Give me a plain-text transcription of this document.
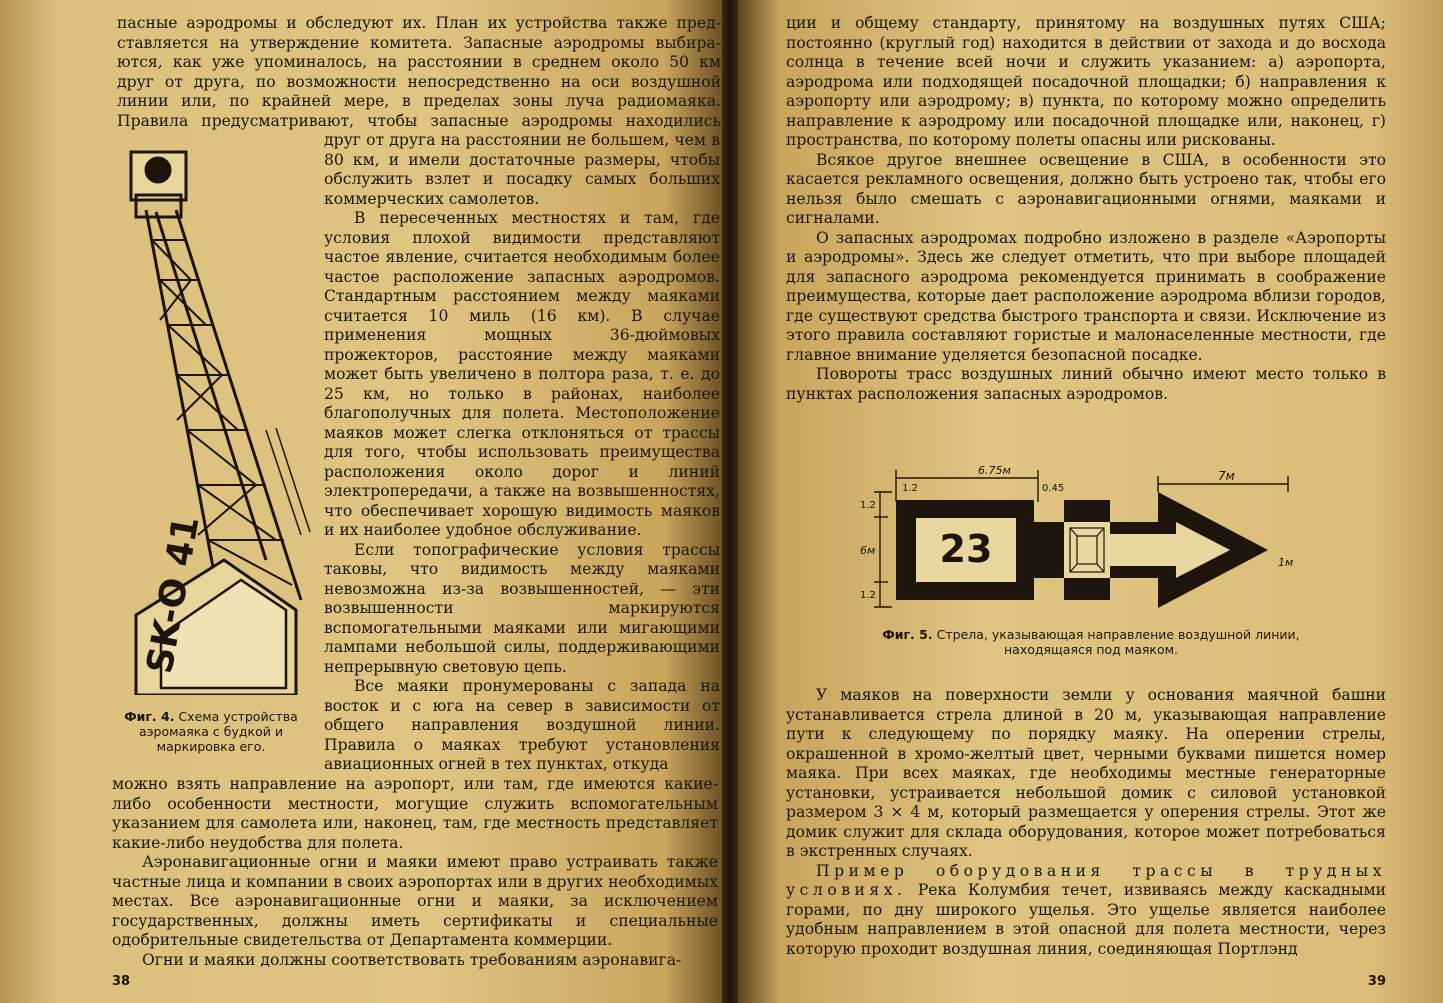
пасные аэродромы и обследуют их. План их устройства также пред-

ставляется на утверждение комитета. Запасные аэродромы выбира-

ются, как уже упоминалось, на расстоянии в среднем около 50 км

друг от друга, по возможности непосредственно на оси воздушной

линии или, по крайней мере, в пределах зоны луча радиомаяка.

Правила предусматривают, чтобы запасные аэродромы находились

SK-O 41

друг от друга на расстоянии не большем, чем в 80 км, и имели достаточные размеры, чтобы обслужить взлет и посадку самых больших коммерческих самолетов.

В пересеченных местностях и там, где условия плохой видимости представляют частое явление, считается необходимым более частое расположение запасных аэродромов. Стандартным расстоянием между маяками считается 10 миль (16 км). В случае применения мощных 36-дюймовых прожекторов, расстояние между маяками может быть увеличено в полтора раза, т. е. до 25 км, но только в районах, наиболее благополучных для полета. Местоположение маяков может слегка отклоняться от трассы для того, чтобы использовать преимущества расположения около дорог и линий электропередачи, а также на возвышенностях, что обеспечивает хорошую видимость маяков и их наиболее удобное обслуживание.

Если топографические условия трассы таковы, что видимость между маяками невозможна из-за возвышенностей, — эти возвышенности маркируются вспомогательными маяками или мигающими лампами небольшой силы, поддерживающими непрерывную световую цепь.

Все маяки пронумерованы с запада на восток и с юга на север в зависимости от общего направления воздушной линии. Правила о маяках требуют установления авиационных огней в тех пунктах, откуда

Фиг. 4. Схема устройства аэромаяка с будкой и маркировка его.

можно взять направление на аэропорт, или там, где имеются какие-либо особенности местности, могущие служить вспомогательным указанием для самолета или, наконец, там, где местность представляет какие-либо неудобства для полета.

Аэронавигационные огни и маяки имеют право устраивать также частные лица и компании в своих аэропортах или в других необходимых местах. Все аэронавигационные огни и маяки, за исключением государственных, должны иметь сертификаты и специальные одобрительные свидетельства от Департамента коммерции.

Огни и маяки должны соответствовать требованиям аэронавига-

38

ции и общему стандарту, принятому на воздушных путях США; постоянно (круглый год) находится в действии от захода и до восхода солнца в течение всей ночи и служить указанием: а) аэропорта, аэродрома или подходящей посадочной площадки; б) направления к аэропорту или аэродрому; в) пункта, по которому можно определить направление к аэродрому или посадочной площадке или, наконец, г) пространства, по которому полеты опасны или рискованы.

Всякое другое внешнее освещение в США, в особенности это касается рекламного освещения, должно быть устроено так, чтобы его нельзя было смешать с аэронавигационными огнями, маяками и сигналами.

О запасных аэродромах подробно изложено в разделе «Аэропорты и аэродромы». Здесь же следует отметить, что при выборе площадей для запасного аэродрома рекомендуется принимать в соображение преимущества, которые дает расположение аэродрома вблизи городов, где существуют средства быстрого транспорта и связи. Исключение из этого правила составляют гористые и малонаселенные местности, где главное внимание уделяется безопасной посадке.

Повороты трасс воздушных линий обычно имеют место только в пунктах расположения запасных аэродромов.

23
6.75м
1.2	0.45
7м
1.2
6м
1.2
1м
Фиг. 5. Стрела, указывающая направление воздушной линии, находящаяся под маяком.

У маяков на поверхности земли у основания маячной башни устанавливается стрела длиной в 20 м, указывающая направление пути к следующему по порядку маяку. На оперении стрелы, окрашенной в хромо-желтый цвет, черными буквами пишется номер маяка. При всех маяках, где необходимы местные генераторные установки, устраивается небольшой домик с силовой установкой размером 3 × 4 м, который размещается у оперения стрелы. Этот же домик служит для склада оборудования, которое может потребоваться в экстренных случаях.

Пример оборудования трассы в трудных условиях. Река Колумбия течет, извиваясь между каскадными горами, по дну широкого ущелья. Это ущелье является наиболее удобным направлением в этой опасной для полета местности, через которую проходит воздушная линия, соединяющая Портлэнд

39
